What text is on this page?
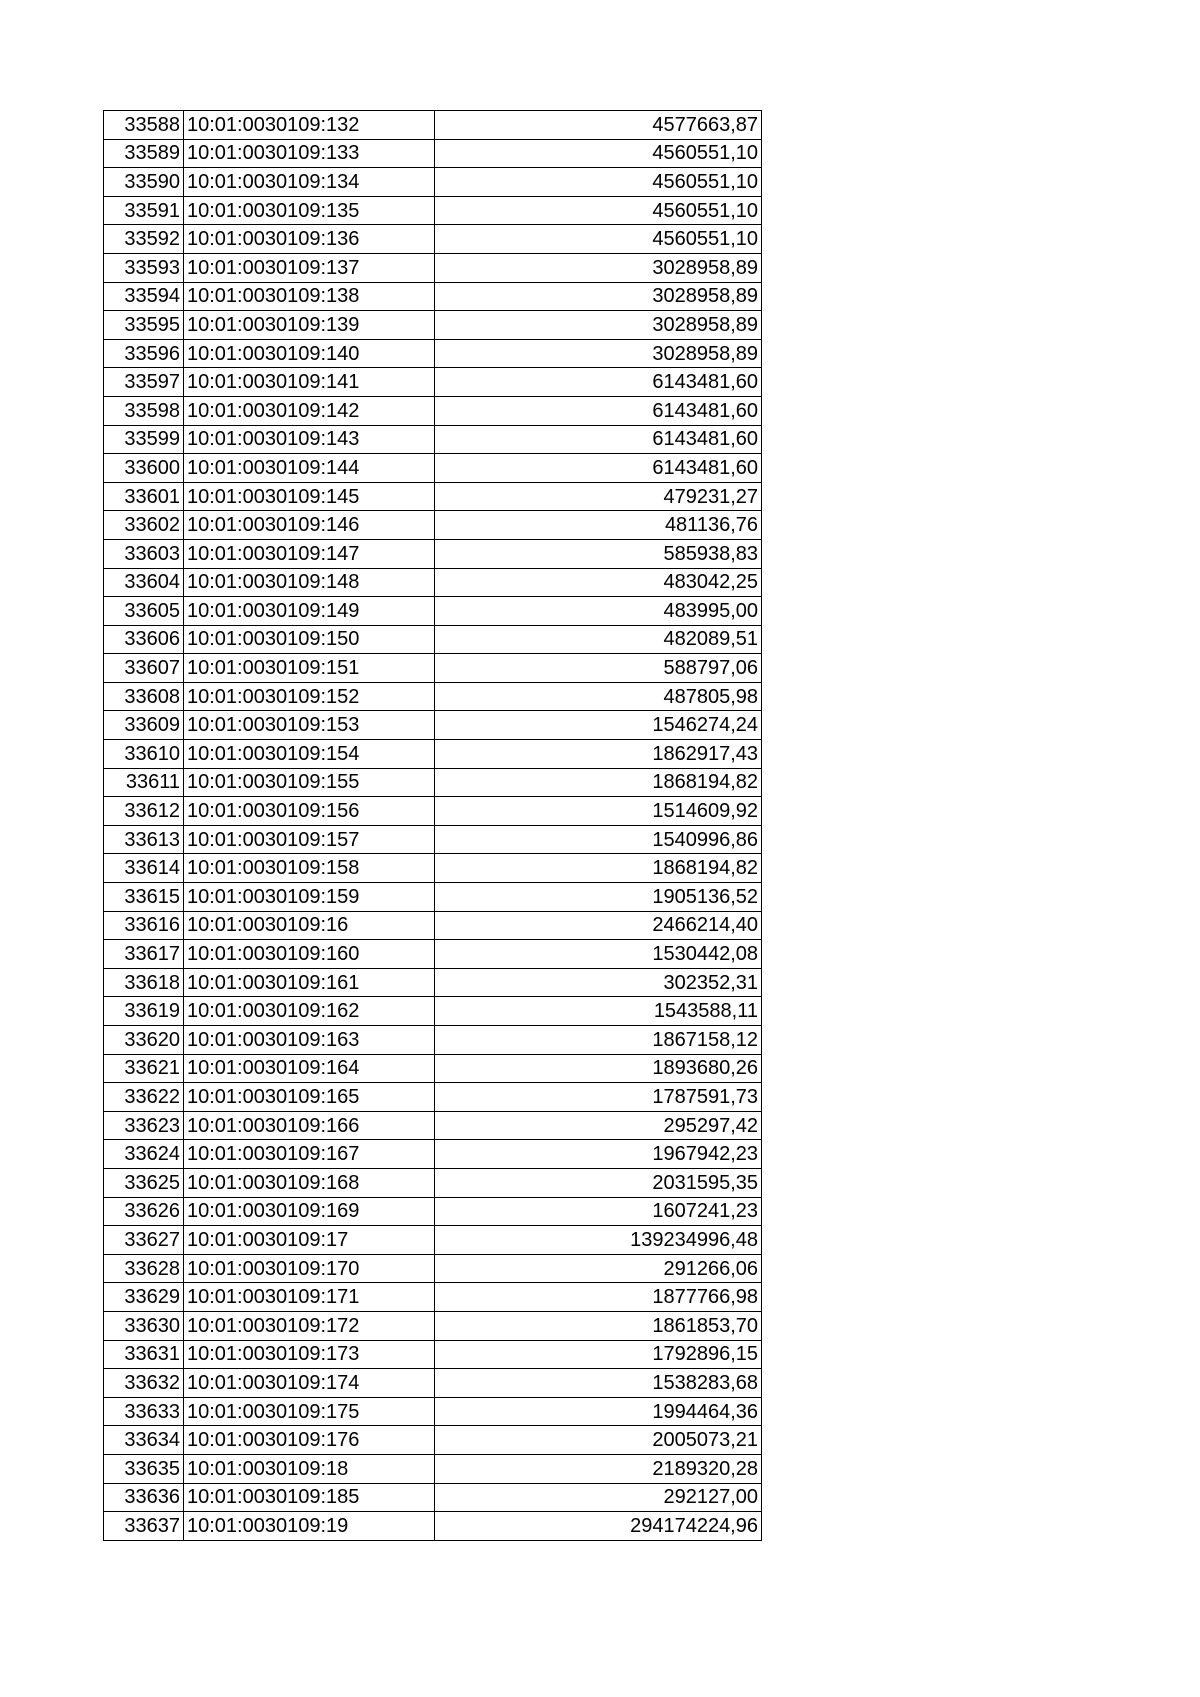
33588	10:01:0030109:132	4577663,87
33589	10:01:0030109:133	4560551,10
33590	10:01:0030109:134	4560551,10
33591	10:01:0030109:135	4560551,10
33592	10:01:0030109:136	4560551,10
33593	10:01:0030109:137	3028958,89
33594	10:01:0030109:138	3028958,89
33595	10:01:0030109:139	3028958,89
33596	10:01:0030109:140	3028958,89
33597	10:01:0030109:141	6143481,60
33598	10:01:0030109:142	6143481,60
33599	10:01:0030109:143	6143481,60
33600	10:01:0030109:144	6143481,60
33601	10:01:0030109:145	479231,27
33602	10:01:0030109:146	481136,76
33603	10:01:0030109:147	585938,83
33604	10:01:0030109:148	483042,25
33605	10:01:0030109:149	483995,00
33606	10:01:0030109:150	482089,51
33607	10:01:0030109:151	588797,06
33608	10:01:0030109:152	487805,98
33609	10:01:0030109:153	1546274,24
33610	10:01:0030109:154	1862917,43
33611	10:01:0030109:155	1868194,82
33612	10:01:0030109:156	1514609,92
33613	10:01:0030109:157	1540996,86
33614	10:01:0030109:158	1868194,82
33615	10:01:0030109:159	1905136,52
33616	10:01:0030109:16	2466214,40
33617	10:01:0030109:160	1530442,08
33618	10:01:0030109:161	302352,31
33619	10:01:0030109:162	1543588,11
33620	10:01:0030109:163	1867158,12
33621	10:01:0030109:164	1893680,26
33622	10:01:0030109:165	1787591,73
33623	10:01:0030109:166	295297,42
33624	10:01:0030109:167	1967942,23
33625	10:01:0030109:168	2031595,35
33626	10:01:0030109:169	1607241,23
33627	10:01:0030109:17	139234996,48
33628	10:01:0030109:170	291266,06
33629	10:01:0030109:171	1877766,98
33630	10:01:0030109:172	1861853,70
33631	10:01:0030109:173	1792896,15
33632	10:01:0030109:174	1538283,68
33633	10:01:0030109:175	1994464,36
33634	10:01:0030109:176	2005073,21
33635	10:01:0030109:18	2189320,28
33636	10:01:0030109:185	292127,00
33637	10:01:0030109:19	294174224,96
